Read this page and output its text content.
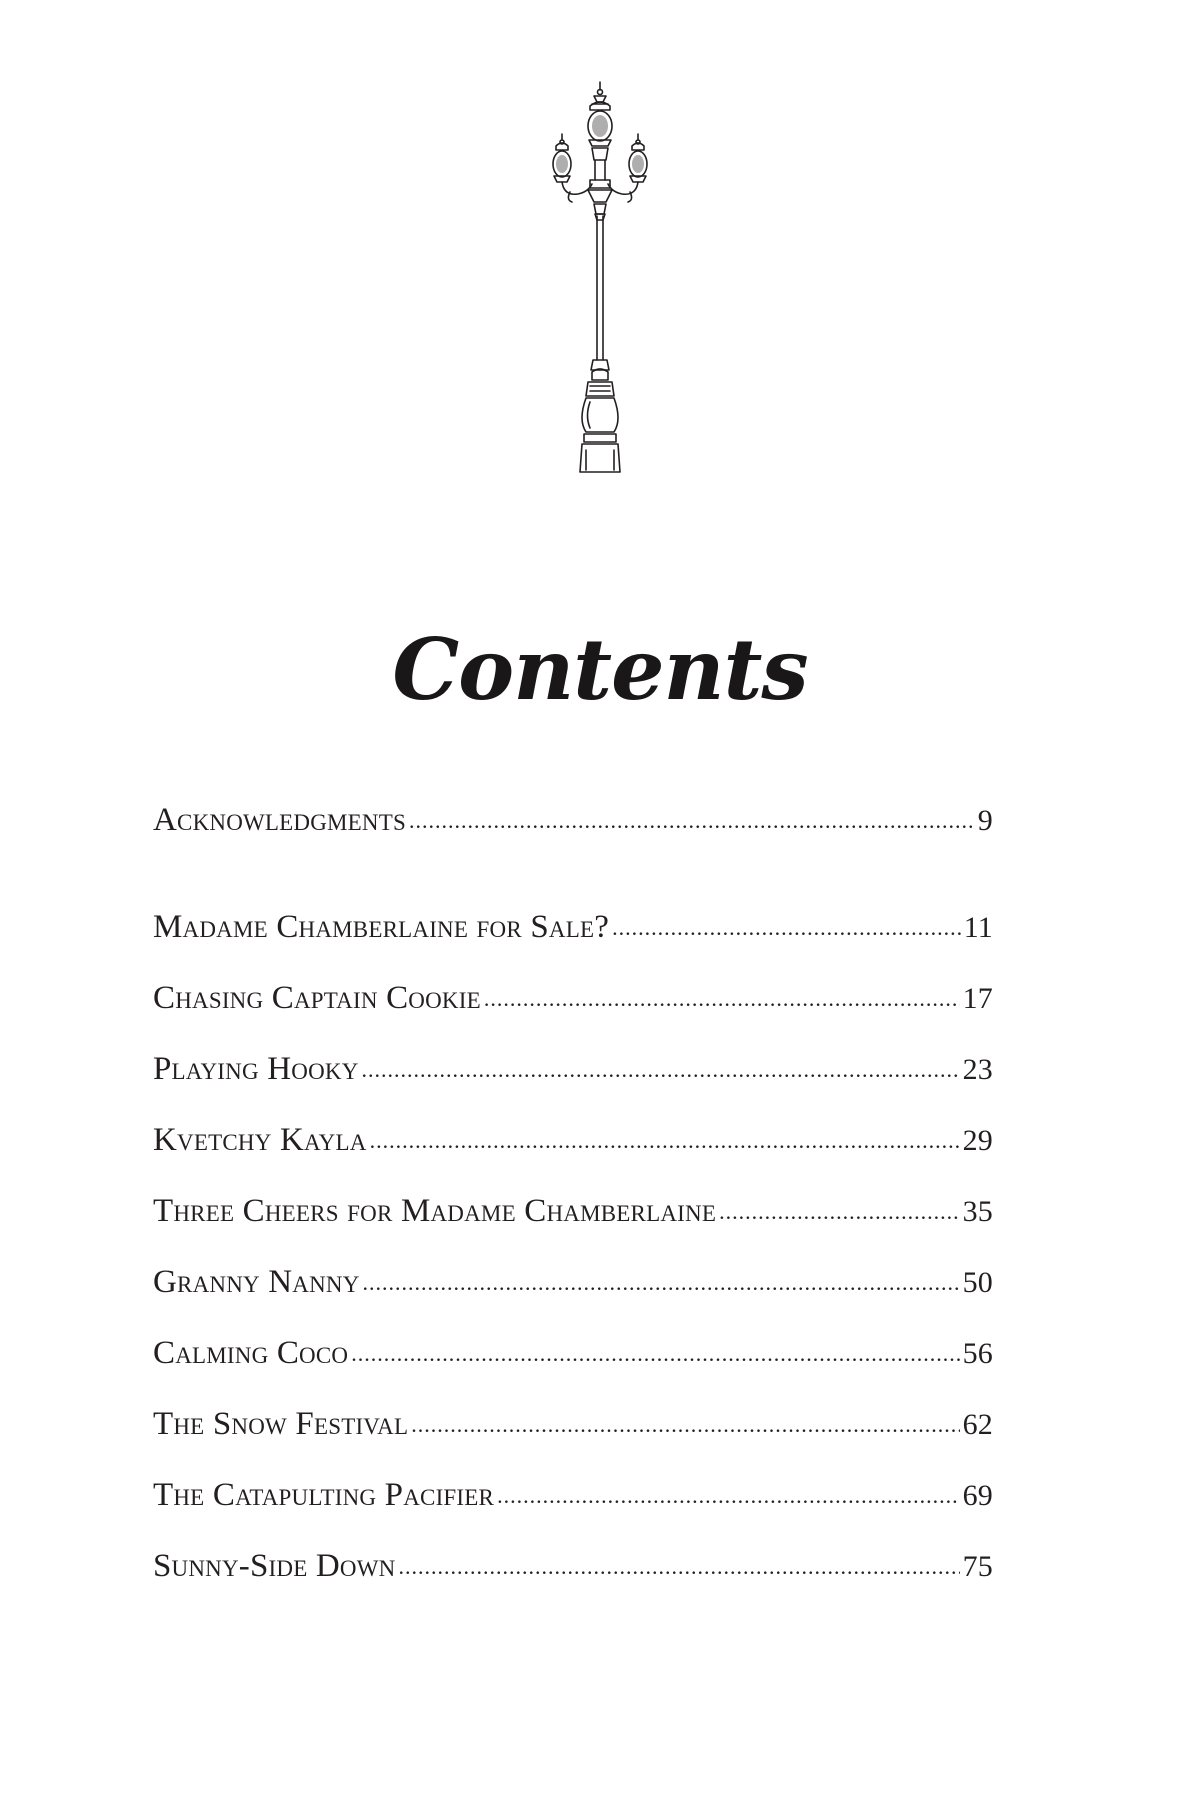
Contents
Acknowledgments .....	9
Madame Chamberlaine for Sale? .....	11
Chasing Captain Cookie .....	17
Playing Hooky .....	23
Kvetchy Kayla .....	29
Three Cheers for Madame Chamberlaine .....	35
Granny Nanny .....	50
Calming Coco .....	56
The Snow Festival .....	62
The Catapulting Pacifier .....	69
Sunny-Side Down .....	75
